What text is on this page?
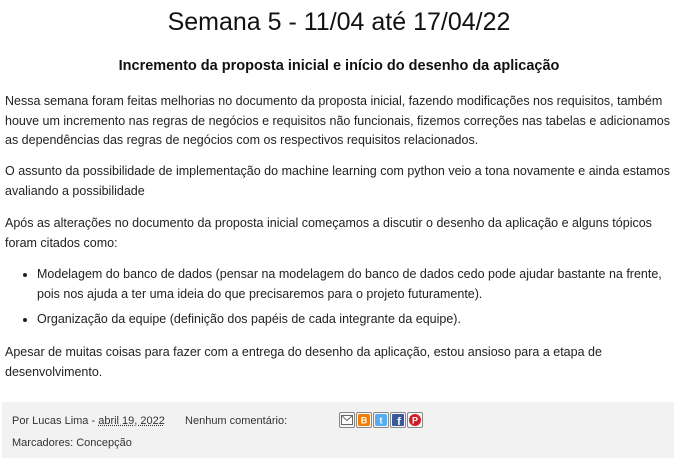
Semana 5 - 11/04 até 17/04/22
Incremento da proposta inicial e início do desenho da aplicação

Nessa semana foram feitas melhorias no documento da proposta inicial, fazendo modificações nos requisitos, também houve um incremento nas regras de negócios e requisitos não funcionais, fizemos correções nas tabelas e adicionamos as dependências das regras de negócios com os respectivos requisitos relacionados.

O assunto da possibilidade de implementação do machine learning com python veio a tona novamente e ainda estamos avaliando a possibilidade

Após as alterações no documento da proposta inicial começamos a discutir o desenho da aplicação e alguns tópicos foram citados como:

• Modelagem do banco de dados (pensar na modelagem do banco de dados cedo pode ajudar bastante na frente, pois nos ajuda a ter uma ideia do que precisaremos para o projeto futuramente).
• Organização da equipe (definição dos papéis de cada integrante da equipe).

Apesar de muitas coisas para fazer com a entrega do desenho da aplicação, estou ansioso para a etapa de desenvolvimento.

Por Lucas Lima - abril 19, 2022 Nenhum comentário:	B t f P
Marcadores: Concepção
